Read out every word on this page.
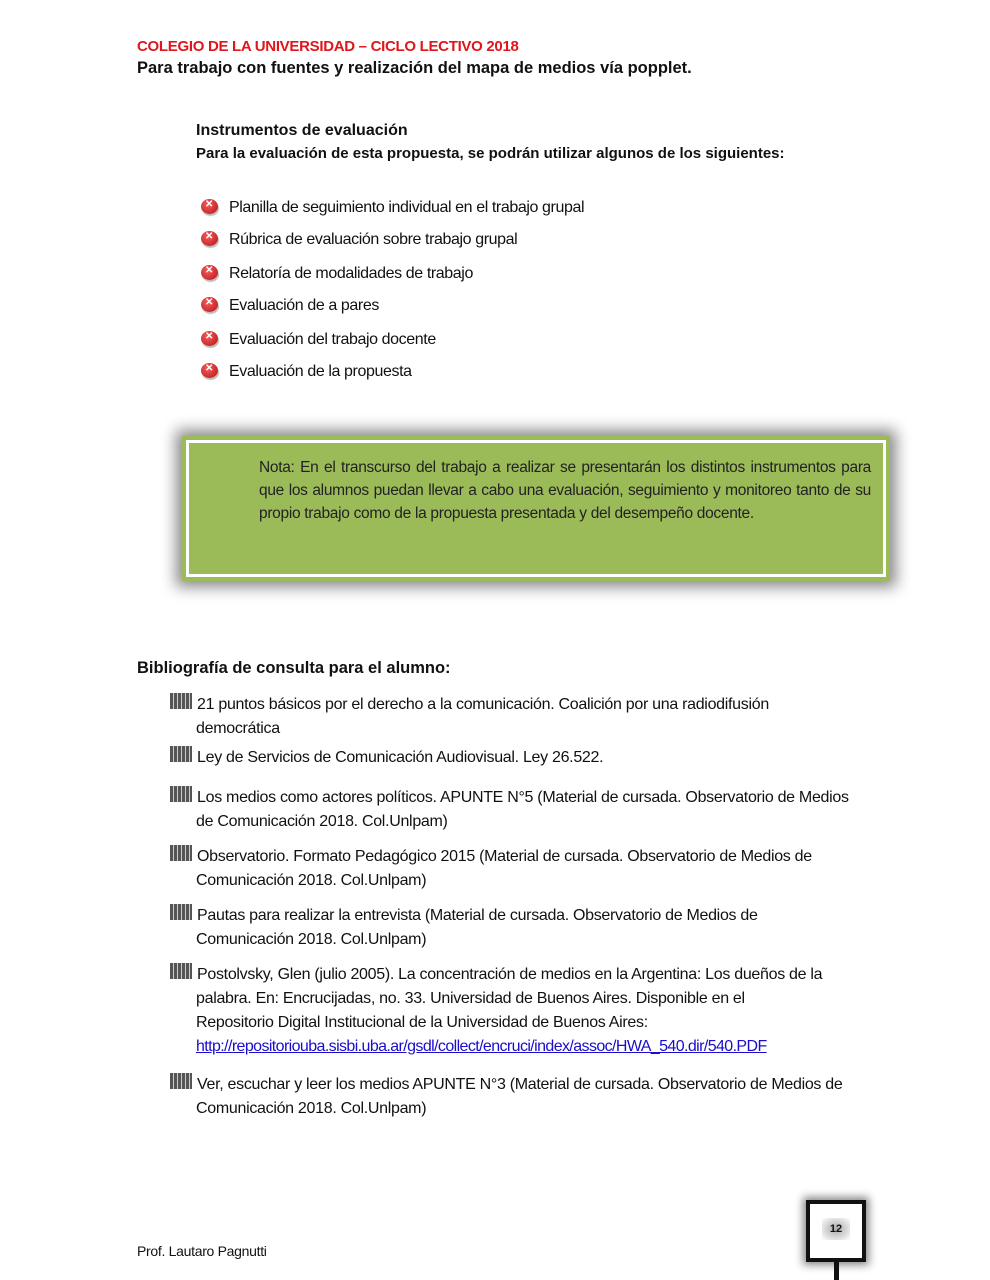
COLEGIO DE LA UNIVERSIDAD – CICLO LECTIVO 2018
Para trabajo con fuentes y realización del mapa de medios vía popplet.
Instrumentos de evaluación
Para la evaluación de esta propuesta, se podrán utilizar algunos de los siguientes:
✕
Planilla de seguimiento individual en el trabajo grupal
✕
Rúbrica de evaluación sobre trabajo grupal
✕
Relatoría de modalidades de trabajo
✕
Evaluación de a pares
✕
Evaluación del trabajo docente
✕
Evaluación de la propuesta
Nota: En el transcurso del trabajo a realizar se presentarán los distintos instrumentos para que los alumnos puedan llevar a cabo una evaluación, seguimiento y monitoreo tanto de su propio trabajo como de la propuesta presentada y del desempeño docente.
Bibliografía de consulta para el alumno:
21 puntos básicos por el derecho a la comunicación. Coalición por una radiodifusión
democrática
Ley de Servicios de Comunicación Audiovisual. Ley 26.522.
Los medios como actores políticos. APUNTE N°5 (Material de cursada. Observatorio de Medios
de Comunicación 2018. Col.Unlpam)
Observatorio. Formato Pedagógico 2015 (Material de cursada. Observatorio de Medios de
Comunicación 2018. Col.Unlpam)
Pautas para realizar la entrevista (Material de cursada. Observatorio de Medios de
Comunicación 2018. Col.Unlpam)
Postolvsky, Glen (julio 2005). La concentración de medios en la Argentina: Los dueños de la
palabra. En: Encrucijadas, no. 33. Universidad de Buenos Aires. Disponible en el
Repositorio Digital Institucional de la Universidad de Buenos Aires:
http://repositoriouba.sisbi.uba.ar/gsdl/collect/encruci/index/assoc/HWA_540.dir/540.PDF
Ver, escuchar y leer los medios APUNTE N°3 (Material de cursada. Observatorio de Medios de
Comunicación 2018. Col.Unlpam)
Prof. Lautaro Pagnutti
12
